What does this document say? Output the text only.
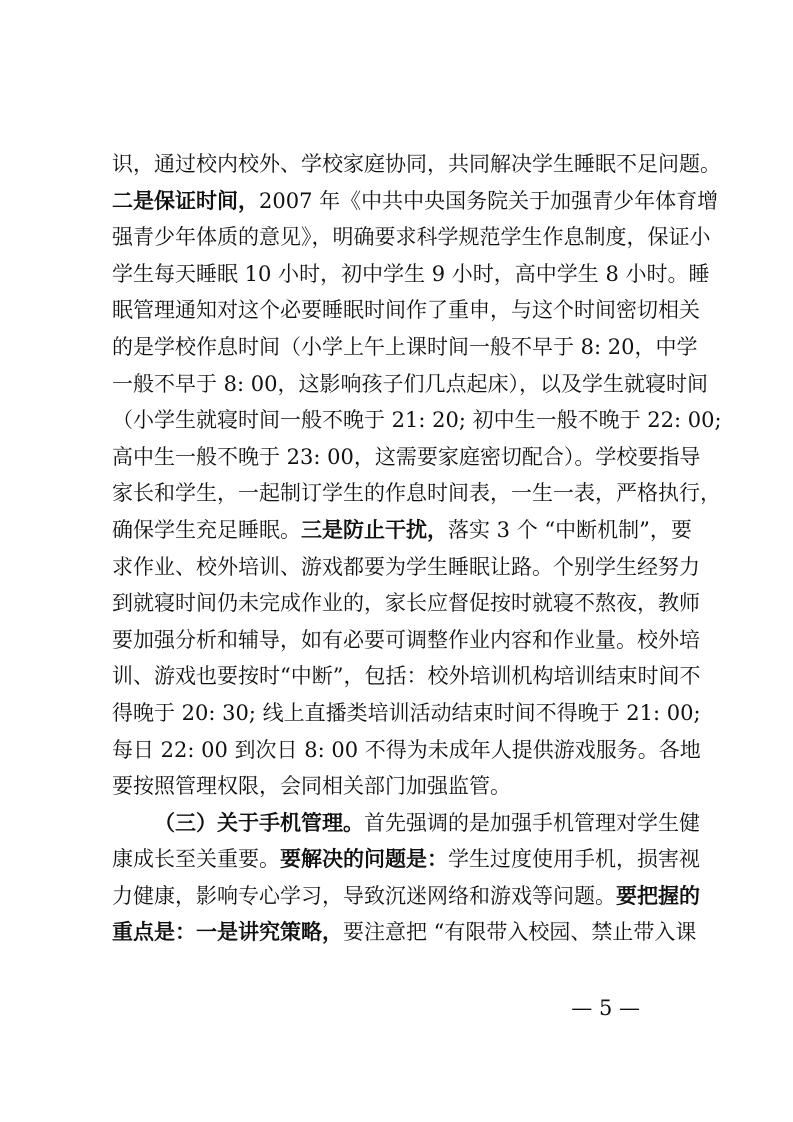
识，通过校内校外、学校家庭协同，共同解决学生睡眠不足问题。
二是保证时间，2007 年《中共中央国务院关于加强青少年体育增
强青少年体质的意见》，明确要求科学规范学生作息制度，保证小
学生每天睡眠 10 小时，初中学生 9 小时，高中学生 8 小时。睡
眠管理通知对这个必要睡眠时间作了重申，与这个时间密切相关
的是学校作息时间（小学上午上课时间一般不早于 8: 20，中学
一般不早于 8: 00，这影响孩子们几点起床），以及学生就寝时间
（小学生就寝时间一般不晚于 21: 20; 初中生一般不晚于 22: 00;
高中生一般不晚于 23: 00，这需要家庭密切配合）。学校要指导
家长和学生，一起制订学生的作息时间表，一生一表，严格执行，
确保学生充足睡眠。三是防止干扰，落实 3 个 “中断机制”，要
求作业、校外培训、游戏都要为学生睡眠让路。个别学生经努力
到就寝时间仍未完成作业的，家长应督促按时就寝不熬夜，教师
要加强分析和辅导，如有必要可调整作业内容和作业量。校外培
训、游戏也要按时“中断”，包括：校外培训机构培训结束时间不
得晚于 20: 30; 线上直播类培训活动结束时间不得晚于 21: 00;
每日 22: 00 到次日 8: 00 不得为未成年人提供游戏服务。各地
要按照管理权限，会同相关部门加强监管。
（三）关于手机管理。首先强调的是加强手机管理对学生健
康成长至关重要。要解决的问题是：学生过度使用手机，损害视
力健康，影响专心学习，导致沉迷网络和游戏等问题。要把握的
重点是：一是讲究策略，要注意把 “有限带入校园、禁止带入课
— 5 —
